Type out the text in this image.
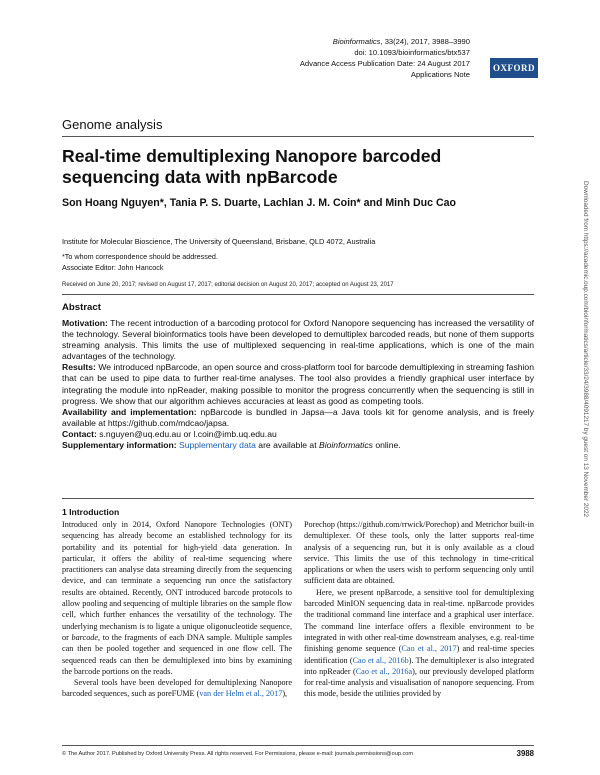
Bioinformatics, 33(24), 2017, 3988–3990
doi: 10.1093/bioinformatics/btx537
Advance Access Publication Date: 24 August 2017
Applications Note
OXFORD
Genome analysis
Real-time demultiplexing Nanopore barcoded sequencing data with npBarcode
Son Hoang Nguyen*, Tania P. S. Duarte, Lachlan J. M. Coin* and Minh Duc Cao
Institute for Molecular Bioscience, The University of Queensland, Brisbane, QLD 4072, Australia
*To whom correspondence should be addressed.
Associate Editor: John Hancock
Received on June 20, 2017; revised on August 17, 2017; editorial decision on August 20, 2017; accepted on August 23, 2017
Abstract

Motivation: The recent introduction of a barcoding protocol for Oxford Nanopore sequencing has increased the versatility of the technology. Several bioinformatics tools have been developed to demultiplex barcoded reads, but none of them supports streaming analysis. This limits the use of multiplexed sequencing in real-time applications, which is one of the main advantages of the technology.

Results: We introduced npBarcode, an open source and cross-platform tool for barcode demultiplexing in streaming fashion that can be used to pipe data to further real-time analyses. The tool also provides a friendly graphical user interface by integrating the module into npReader, making possible to monitor the progress concurrently when the sequencing is still in progress. We show that our algorithm achieves accuracies at least as good as competing tools.

Availability and implementation: npBarcode is bundled in Japsa—a Java tools kit for genome analysis, and is freely available at https://github.com/mdcao/japsa.

Contact: s.nguyen@uq.edu.au or l.coin@imb.uq.edu.au

Supplementary information: Supplementary data are available at Bioinformatics online.

1 Introduction

Introduced only in 2014, Oxford Nanopore Technologies (ONT) sequencing has already become an established technology for its portability and its potential for high-yield data generation. In particular, it offers the ability of real-time sequencing where practitioners can analyse data streaming directly from the sequencing device, and can terminate a sequencing run once the satisfactory results are obtained. Recently, ONT introduced barcode protocols to allow pooling and sequencing of multiple libraries on the sample flow cell, which further enhances the versatility of the technology. The underlying mechanism is to ligate a unique oligonucleotide sequence, or barcode, to the fragments of each DNA sample. Multiple samples can then be pooled together and sequenced in one flow cell. The sequenced reads can then be demultiplexed into bins by examining the barcode portions on the reads.

Several tools have been developed for demultiplexing Nanopore barcoded sequences, such as poreFUME (van der Helm et al., 2017),

Porechop (https://github.com/rrwick/Porechop) and Metrichor built-in demultiplexer. Of these tools, only the latter supports real-time analysis of a sequencing run, but it is only available as a cloud service. This limits the use of this technology in time-critical applications or when the users wish to perform sequencing only until sufficient data are obtained.

Here, we present npBarcode, a sensitive tool for demultiplexing barcoded MinION sequencing data in real-time. npBarcode provides the traditional command line interface and a graphical user interface. The command line interface offers a flexible environment to be integrated in with other real-time downstream analyses, e.g. real-time finishing genome sequence (Cao et al., 2017) and real-time species identification (Cao et al., 2016b). The demultiplexer is also integrated into npReader (Cao et al., 2016a), our previously developed platform for real-time analysis and visualisation of nanopore sequencing. From this mode, beside the utilities provided by

© The Author 2017. Published by Oxford University Press. All rights reserved. For Permissions, please e-mail: journals.permissions@oup.com	3988
Downloaded from https://academic.oup.com/bioinformatics/article/33/24/3988/4091217 by guest on 13 November 2022
